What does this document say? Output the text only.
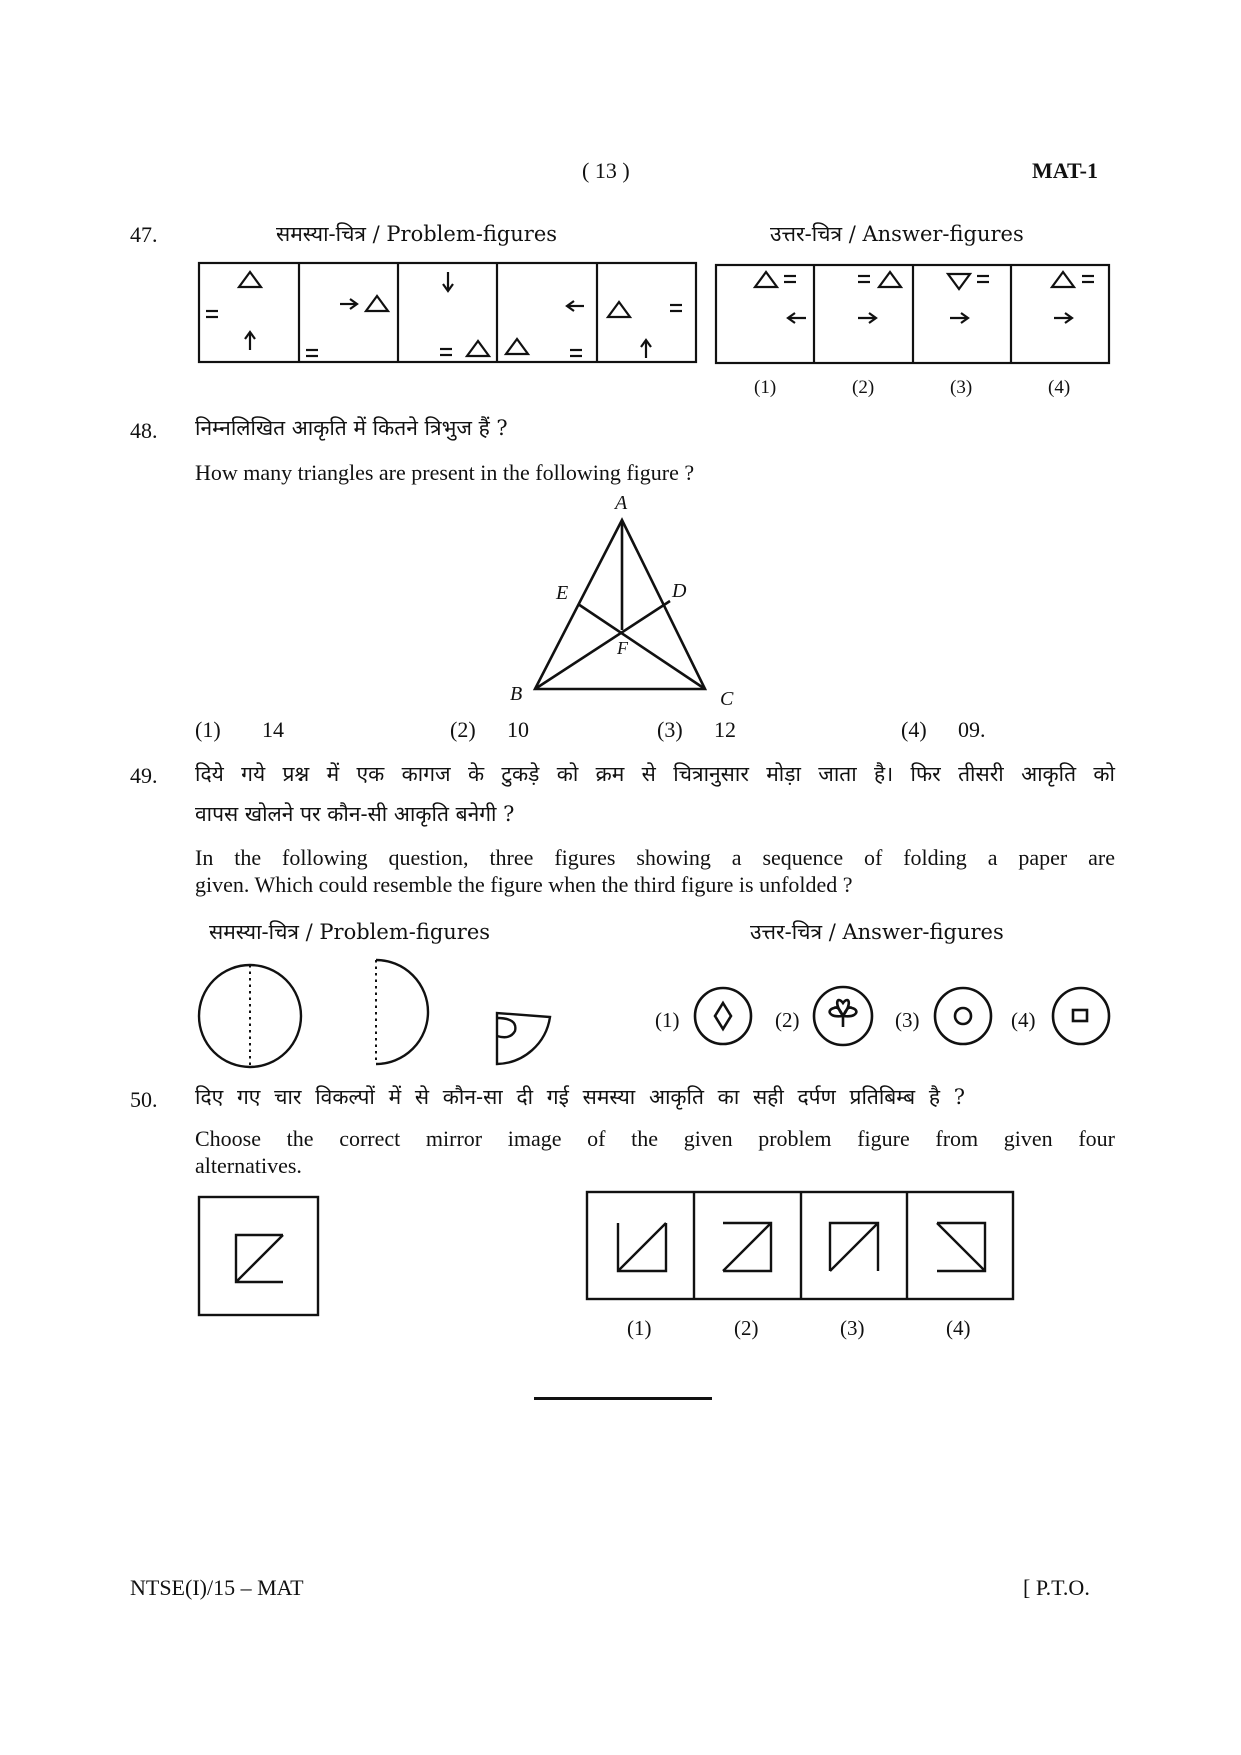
( 13 )	MAT-1
47.	समस्या-चित्र / Problem-figures	उत्तर-चित्र / Answer-figures
(1)	(2)	(3)	(4)
48. निम्नलिखित आकृति में कितने त्रिभुज हैं ?
How many triangles are present in the following figure ?
A
B	C
D
E
F
(1) 14	(2) 10	(3) 12	(4) 09.
49. दिये गये प्रश्न में एक कागज के टुकड़े को क्रम से चित्रानुसार मोड़ा जाता है। फिर तीसरी आकृति को
वापस खोलने पर कौन-सी आकृति बनेगी ?
In the following question, three figures showing a sequence of folding a paper are
given. Which could resemble the figure when the third figure is unfolded ?
समस्या-चित्र / Problem-figures	उत्तर-चित्र / Answer-figures
(1)	(2)	(3)	(4)
50. दिए गए चार विकल्पों में से कौन-सा दी गई समस्या आकृति का सही दर्पण प्रतिबिम्ब है ?
Choose the correct mirror image of the given problem figure from given four
alternatives.
(1)	(2)	(3)	(4)
NTSE(I)/15 – MAT	[ P.T.O.
